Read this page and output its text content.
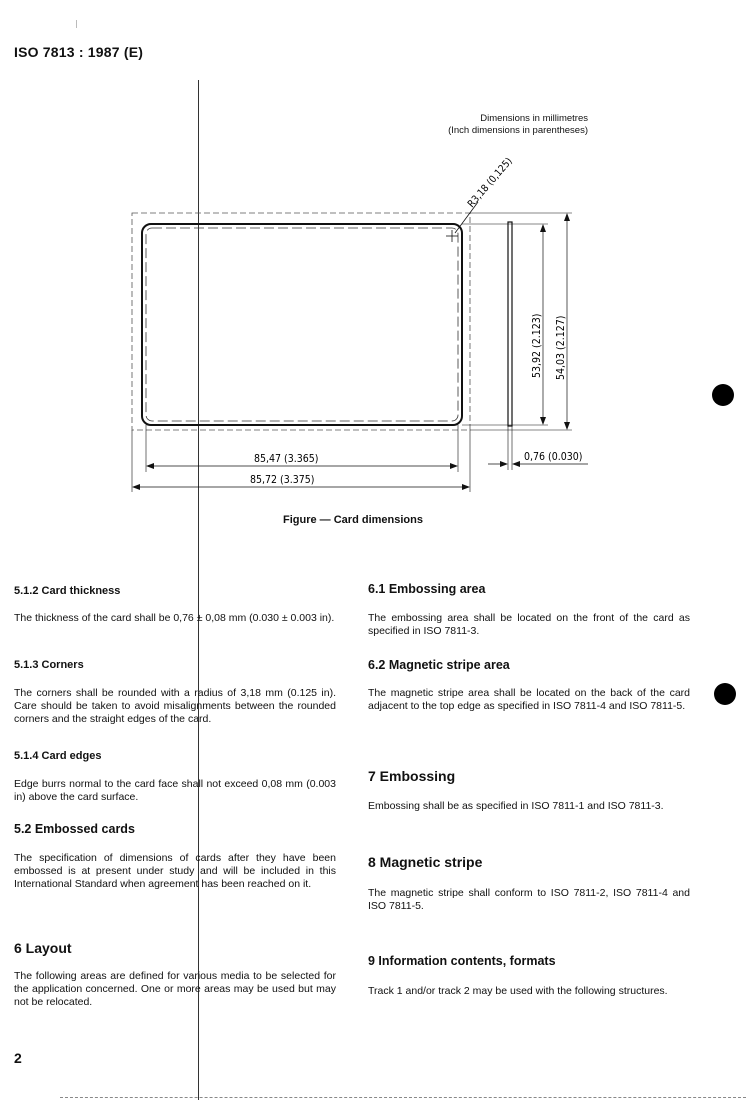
ISO 7813 : 1987 (E)
Dimensions in millimetres
(Inch dimensions in parentheses)
R3,18 (0,125)
53,92 (2.123) 54,03 (2.127)
85,47 (3.365)
85,72 (3.375)
0,76 (0.030)
Figure — Card dimensions
5.1.2 Card thickness
The thickness of the card shall be 0,76 ± 0,08 mm (0.030 ± 0.003 in).
5.1.3 Corners
The corners shall be rounded with a radius of 3,18 mm (0.125 in). Care should be taken to avoid misalignments between the rounded corners and the straight edges of the card.
5.1.4 Card edges
Edge burrs normal to the card face shall not exceed 0,08 mm (0.003 in) above the card surface.
5.2 Embossed cards
The specification of dimensions of cards after they have been embossed is at present under study and will be included in this International Standard when agreement has been reached on it.
6 Layout
The following areas are defined for various media to be selected for the application concerned. One or more areas may be used but may not be relocated.
6.1 Embossing area
The embossing area shall be located on the front of the card as specified in ISO 7811-3.
6.2 Magnetic stripe area
The magnetic stripe area shall be located on the back of the card adjacent to the top edge as specified in ISO 7811-4 and ISO 7811-5.
7 Embossing
Embossing shall be as specified in ISO 7811-1 and ISO 7811-3.
8 Magnetic stripe
The magnetic stripe shall conform to ISO 7811-2, ISO 7811-4 and ISO 7811-5.
9 Information contents, formats
Track 1 and/or track 2 may be used with the following structures.
2
